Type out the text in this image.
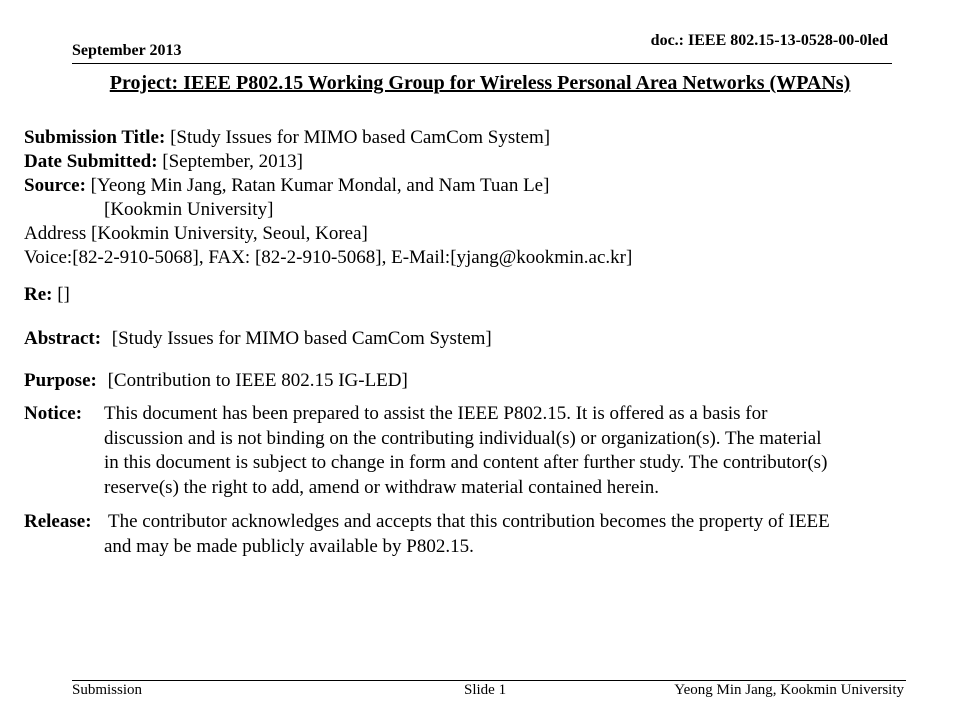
September 2013
doc.: IEEE 802.15-13-0528-00-0led
Project: IEEE P802.15 Working Group for Wireless Personal Area Networks (WPANs)
Submission Title: [Study Issues for MIMO based CamCom System]
Date Submitted: [September, 2013]
Source: [Yeong Min Jang, Ratan Kumar Mondal, and Nam Tuan Le]
[Kookmin University]
Address [Kookmin University, Seoul, Korea]
Voice:[82-2-910-5068], FAX: [82-2-910-5068], E-Mail:[yjang@kookmin.ac.kr]
Re: []
Abstract: [Study Issues for MIMO based CamCom System]
Purpose: [Contribution to IEEE 802.15 IG-LED]
Notice: This document has been prepared to assist the IEEE P802.15. It is offered as a basis for
discussion and is not binding on the contributing individual(s) or organization(s). The material
in this document is subject to change in form and content after further study. The contributor(s)
reserve(s) the right to add, amend or withdraw material contained herein.
Release: The contributor acknowledges and accepts that this contribution becomes the property of IEEE
and may be made publicly available by P802.15.
Submission	Slide 1	Yeong Min Jang, Kookmin University
